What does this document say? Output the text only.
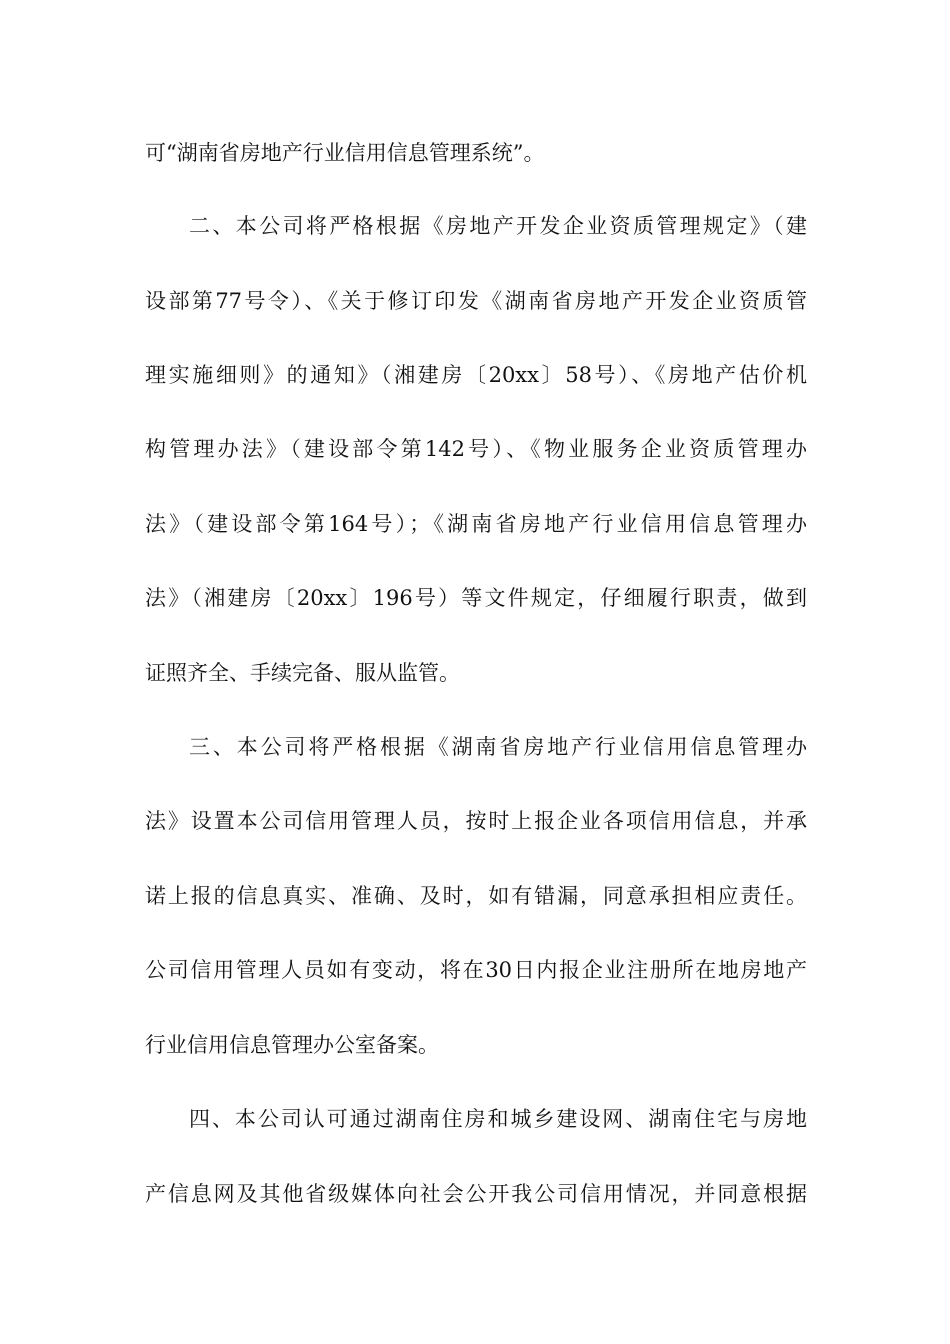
可“湖南省房地产行业信用信息管理系统”。
二、本公司将严格根据《房地产开发企业资质管理规定》（建
设部第77号令）、《关于修订印发《湖南省房地产开发企业资质管
理实施细则》的通知》（湘建房〔20xx〕58号）、《房地产估价机
构管理办法》（建设部令第142号）、《物业服务企业资质管理办
法》（建设部令第164号）；《湖南省房地产行业信用信息管理办
法》（湘建房〔20xx〕196号）等文件规定，仔细履行职责，做到
证照齐全、手续完备、服从监管。
三、本公司将严格根据《湖南省房地产行业信用信息管理办
法》设置本公司信用管理人员，按时上报企业各项信用信息，并承
诺上报的信息真实、准确、及时，如有错漏，同意承担相应责任。
公司信用管理人员如有变动，将在30日内报企业注册所在地房地产
行业信用信息管理办公室备案。
四、本公司认可通过湖南住房和城乡建设网、湖南住宅与房地
产信息网及其他省级媒体向社会公开我公司信用情况，并同意根据
